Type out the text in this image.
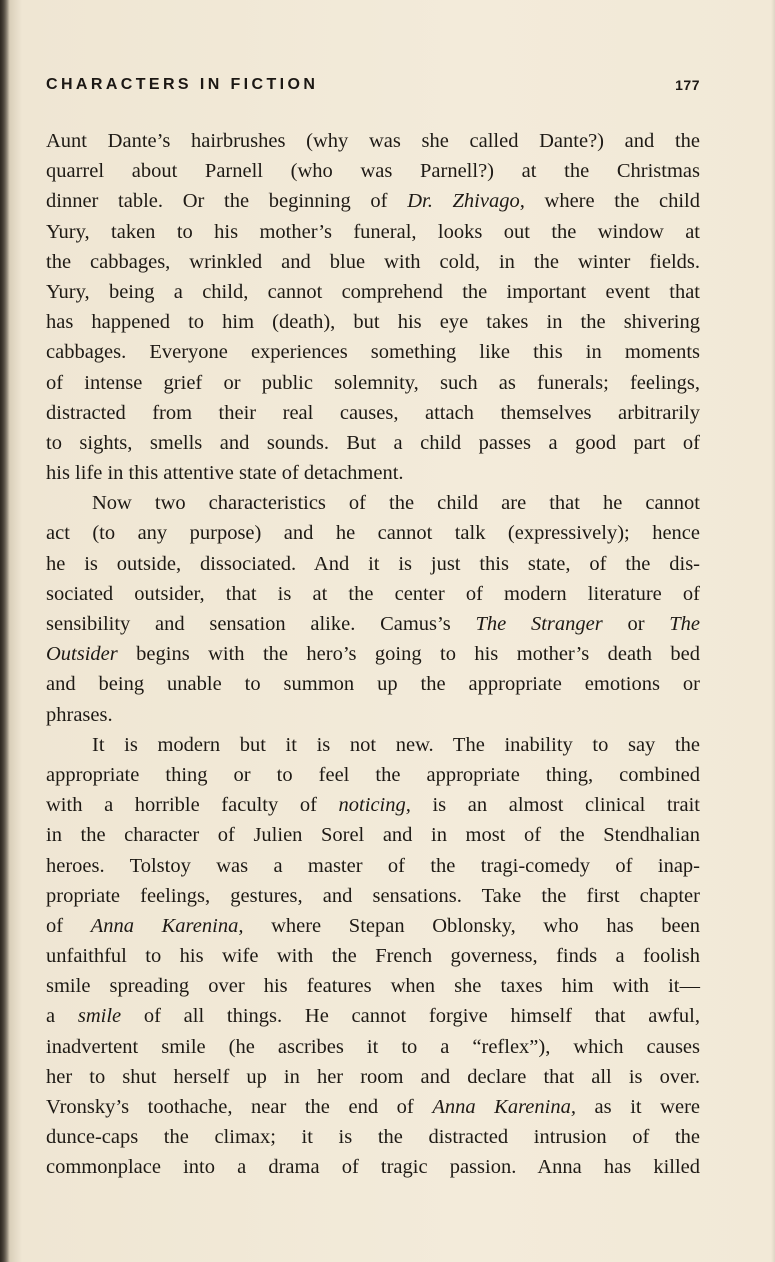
CHARACTERS IN FICTION	177
Aunt Dante’s hairbrushes (why was she called Dante?) and the
quarrel about Parnell (who was Parnell?) at the Christmas
dinner table. Or the beginning of Dr. Zhivago, where the child
Yury, taken to his mother’s funeral, looks out the window at
the cabbages, wrinkled and blue with cold, in the winter fields.
Yury, being a child, cannot comprehend the important event that
has happened to him (death), but his eye takes in the shivering
cabbages. Everyone experiences something like this in moments
of intense grief or public solemnity, such as funerals; feelings,
distracted from their real causes, attach themselves arbitrarily
to sights, smells and sounds. But a child passes a good part of
his life in this attentive state of detachment.
Now two characteristics of the child are that he cannot
act (to any purpose) and he cannot talk (expressively); hence
he is outside, dissociated. And it is just this state, of the dis-
sociated outsider, that is at the center of modern literature of
sensibility and sensation alike. Camus’s The Stranger or The
Outsider begins with the hero’s going to his mother’s death bed
and being unable to summon up the appropriate emotions or
phrases.
It is modern but it is not new. The inability to say the
appropriate thing or to feel the appropriate thing, combined
with a horrible faculty of noticing, is an almost clinical trait
in the character of Julien Sorel and in most of the Stendhalian
heroes. Tolstoy was a master of the tragi-comedy of inap-
propriate feelings, gestures, and sensations. Take the first chapter
of Anna Karenina, where Stepan Oblonsky, who has been
unfaithful to his wife with the French governess, finds a foolish
smile spreading over his features when she taxes him with it—
a smile of all things. He cannot forgive himself that awful,
inadvertent smile (he ascribes it to a “reflex”), which causes
her to shut herself up in her room and declare that all is over.
Vronsky’s toothache, near the end of Anna Karenina, as it were
dunce-caps the climax; it is the distracted intrusion of the
commonplace into a drama of tragic passion. Anna has killed
